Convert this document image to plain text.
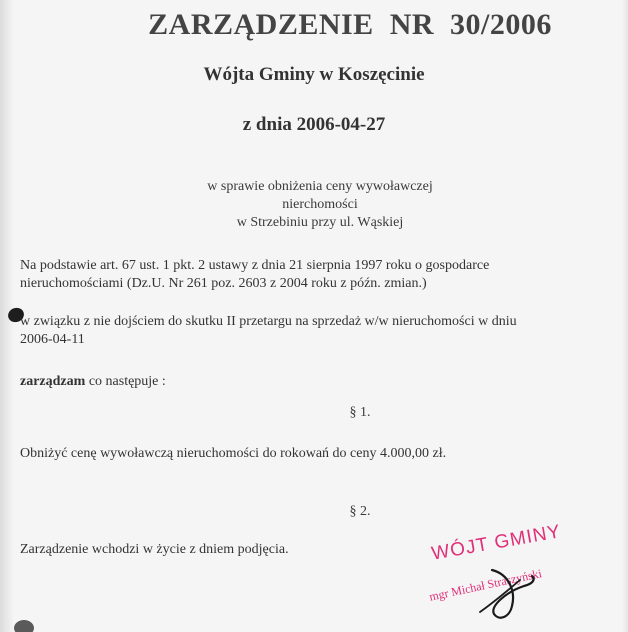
ZARZĄDZENIE  NR  30/2006
Wójta Gminy w Koszęcinie
z dnia 2006-04-27
w sprawie obniżenia ceny wywoławczej nierchomości
w Strzebiniu przy ul. Wąskiej
Na podstawie art. 67 ust. 1 pkt. 2 ustawy z dnia 21 sierpnia 1997 roku o gospodarce
nieruchomościami (Dz.U. Nr 261 poz. 2603 z 2004 roku z późn. zmian.)
w związku z nie dojściem do skutku II przetargu na sprzedaż w/w nieruchomości w dniu
2006-04-11
zarządzam co następuje :
§ 1.
Obniżyć cenę wywoławczą nieruchomości do rokowań do ceny 4.000,00 zł.
§ 2.
Zarządzenie wchodzi w życie z dniem podjęcia.	WÓJT GMINY
mgr Michał Straszyński
